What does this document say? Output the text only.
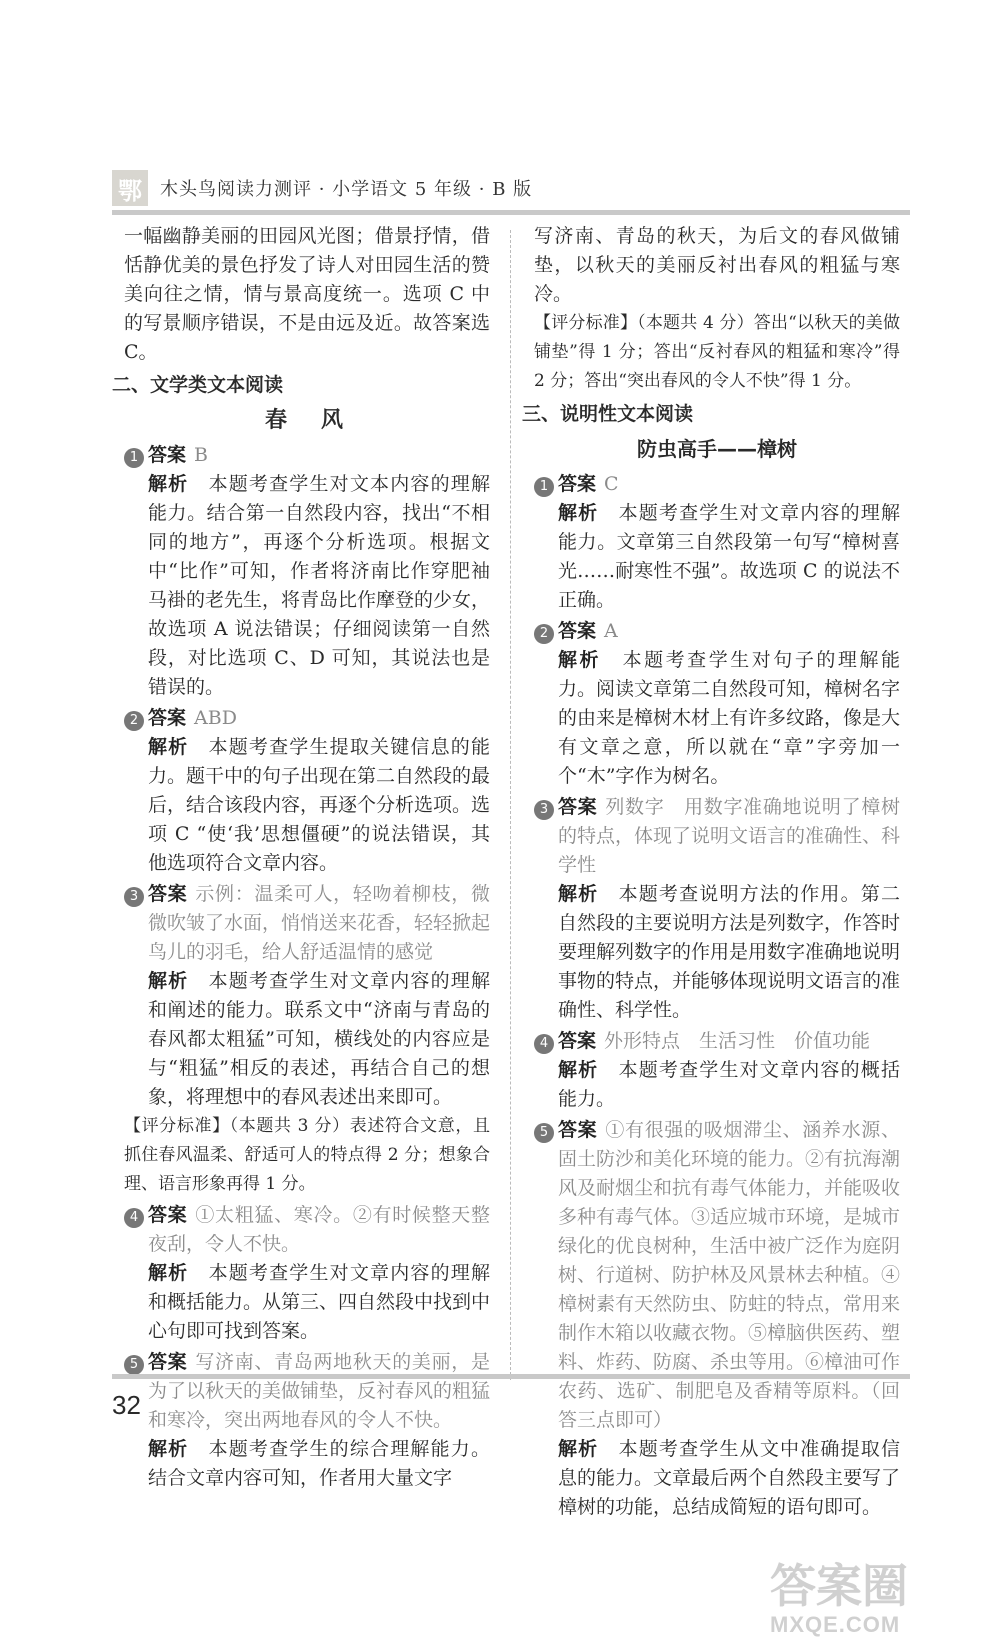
鄂	木头鸟阅读力测评 · 小学语文 5 年级 · B 版

一幅幽静美丽的田园风光图；借景抒情，借恬静优美的景色抒发了诗人对田园生活的赞美向往之情，情与景高度统一。选项 C 中的写景顺序错误，不是由远及近。故答案选 C。

二、文学类文本阅读
春　风
1 答案 B

解析　 本题考查学生对文本内容的理解能力。结合第一自然段内容，找出“不相同的地方”，再逐个分析选项。根据文中“比作”可知，作者将济南比作穿肥袖马褂的老先生，将青岛比作摩登的少女，故选项 A 说法错误；仔细阅读第一自然段，对比选项 C、D 可知，其说法也是错误的。

2 答案 ABD

解析　 本题考查学生提取关键信息的能力。题干中的句子出现在第二自然段的最后，结合该段内容，再逐个分析选项。选项 C “使‘我’思想僵硬”的说法错误，其他选项符合文章内容。

3 答案 示例：温柔可人，轻吻着柳枝，微微吹皱了水面，悄悄送来花香，轻轻掀起鸟儿的羽毛，给人舒适温情的感觉

解析　 本题考查学生对文章内容的理解和阐述的能力。联系文中“济南与青岛的春风都太粗猛”可知，横线处的内容应是与“粗猛”相反的表述，再结合自己的想象，将理想中的春风表述出来即可。

【评分标准】（本题共 3 分）表述符合文意，且抓住春风温柔、舒适可人的特点得 2 分；想象合理、语言形象再得 1 分。

4 答案 ①太粗猛、寒冷。②有时候整天整夜刮，令人不快。

解析　 本题考查学生对文章内容的理解和概括能力。从第三、四自然段中找到中心句即可找到答案。

5 答案 写济南、青岛两地秋天的美丽，是为了以秋天的美做铺垫，反衬春风的粗猛和寒冷，突出两地春风的令人不快。

解析　 本题考查学生的综合理解能力。结合文章内容可知，作者用大量文字

写济南、青岛的秋天，为后文的春风做铺垫，以秋天的美丽反衬出春风的粗猛与寒冷。

【评分标准】（本题共 4 分）答出“以秋天的美做铺垫”得 1 分；答出“反衬春风的粗猛和寒冷”得 2 分；答出“突出春风的令人不快”得 1 分。

三、说明性文本阅读
防虫高手——樟树
1 答案 C

解析　 本题考查学生对文章内容的理解能力。文章第三自然段第一句写“樟树喜光……耐寒性不强”。故选项 C 的说法不正确。

2 答案 A

解析　 本题考查学生对句子的理解能力。阅读文章第二自然段可知，樟树名字的由来是樟树木材上有许多纹路，像是大有文章之意，所以就在“章”字旁加一个“木”字作为树名。

3 答案 列数字　用数字准确地说明了樟树的特点，体现了说明文语言的准确性、科学性

解析　 本题考查说明方法的作用。第二自然段的主要说明方法是列数字，作答时要理解列数字的作用是用数字准确地说明事物的特点，并能够体现说明文语言的准确性、科学性。

4 答案 外形特点　生活习性　价值功能

解析　 本题考查学生对文章内容的概括能力。

5 答案 ①有很强的吸烟滞尘、涵养水源、固土防沙和美化环境的能力。②有抗海潮风及耐烟尘和抗有毒气体能力，并能吸收多种有毒气体。③适应城市环境，是城市绿化的优良树种，生活中被广泛作为庭阴树、行道树、防护林及风景林去种植。④樟树素有天然防虫、防蛀的特点，常用来制作木箱以收藏衣物。⑤樟脑供医药、塑料、炸药、防腐、杀虫等用。⑥樟油可作农药、选矿、制肥皂及香精等原料。（回答三点即可）

解析　 本题考查学生从文中准确提取信息的能力。文章最后两个自然段主要写了樟树的功能，总结成简短的语句即可。

32
答案圈
MXQE.COM
